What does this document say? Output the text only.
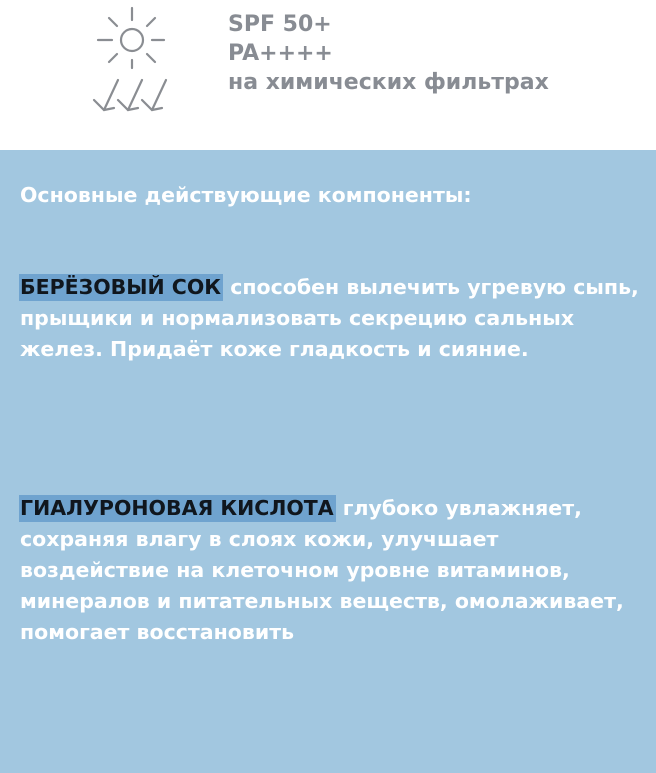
SPF 50+
PA++++
на химических фильтрах
Основные действующие компоненты:
БЕРЁЗОВЫЙ СОК способен вылечить угревую сыпь, прыщики и нормализовать секрецию сальных желез. Придаёт коже гладкость и сияние.
ГИАЛУРОНОВАЯ КИСЛОТА глубоко увлажняет, сохраняя влагу в слоях кожи, улучшает воздействие на клеточном уровне витаминов, минералов и питательных веществ, омолаживает, помогает восстановить
